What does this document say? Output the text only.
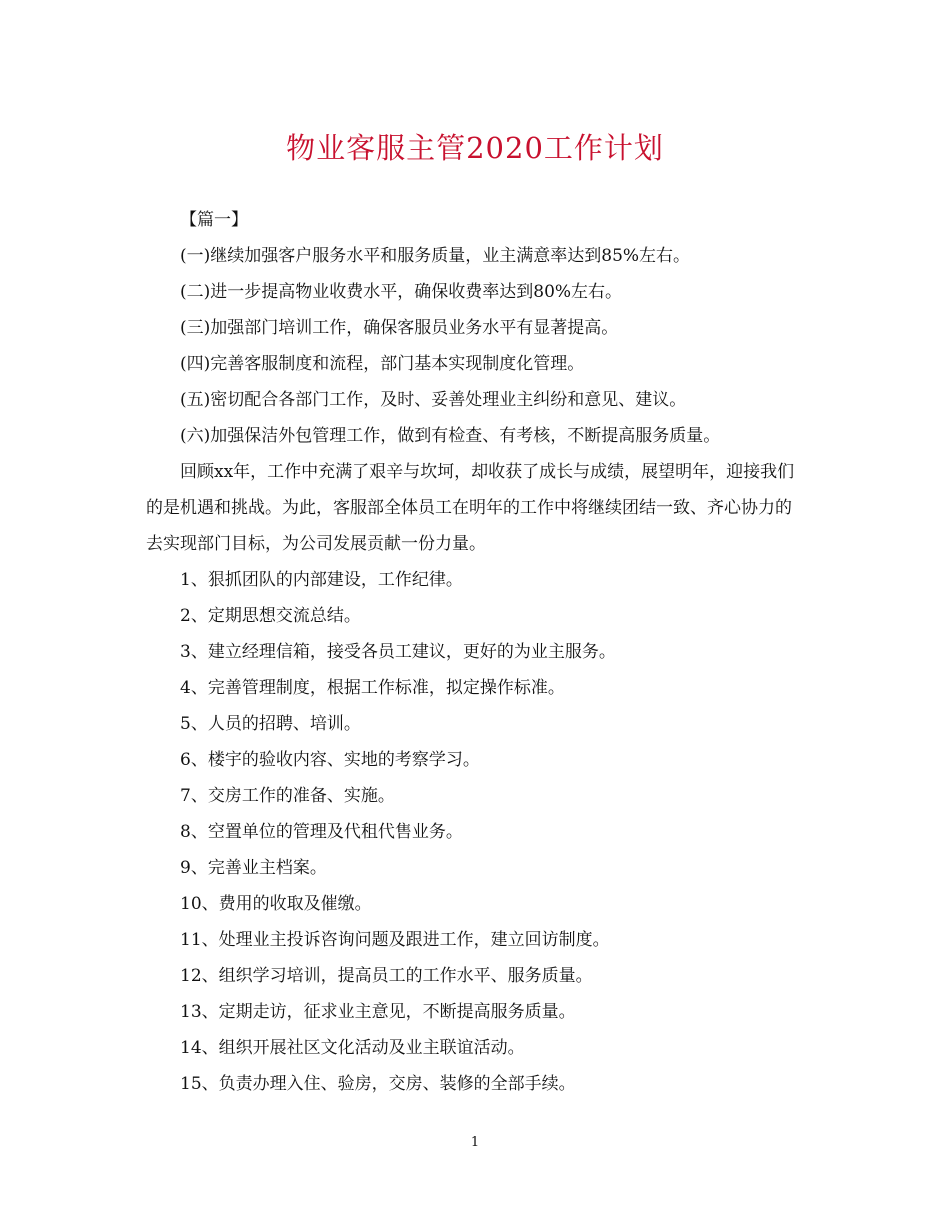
物业客服主管2020工作计划

【篇一】

(一)继续加强客户服务水平和服务质量，业主满意率达到85%左右。

(二)进一步提高物业收费水平，确保收费率达到80%左右。

(三)加强部门培训工作，确保客服员业务水平有显著提高。

(四)完善客服制度和流程，部门基本实现制度化管理。

(五)密切配合各部门工作，及时、妥善处理业主纠纷和意见、建议。

(六)加强保洁外包管理工作，做到有检查、有考核，不断提高服务质量。

回顾xx年，工作中充满了艰辛与坎坷，却收获了成长与成绩，展望明年，迎接我们的是机遇和挑战。为此，客服部全体员工在明年的工作中将继续团结一致、齐心协力的去实现部门目标，为公司发展贡献一份力量。

1、狠抓团队的内部建设，工作纪律。

2、定期思想交流总结。

3、建立经理信箱，接受各员工建议，更好的为业主服务。

4、完善管理制度，根据工作标准，拟定操作标准。

5、人员的招聘、培训。

6、楼宇的验收内容、实地的考察学习。

7、交房工作的准备、实施。

8、空置单位的管理及代租代售业务。

9、完善业主档案。

10、费用的收取及催缴。

11、处理业主投诉咨询问题及跟进工作，建立回访制度。

12、组织学习培训，提高员工的工作水平、服务质量。

13、定期走访，征求业主意见，不断提高服务质量。

14、组织开展社区文化活动及业主联谊活动。

15、负责办理入住、验房，交房、装修的全部手续。

1
